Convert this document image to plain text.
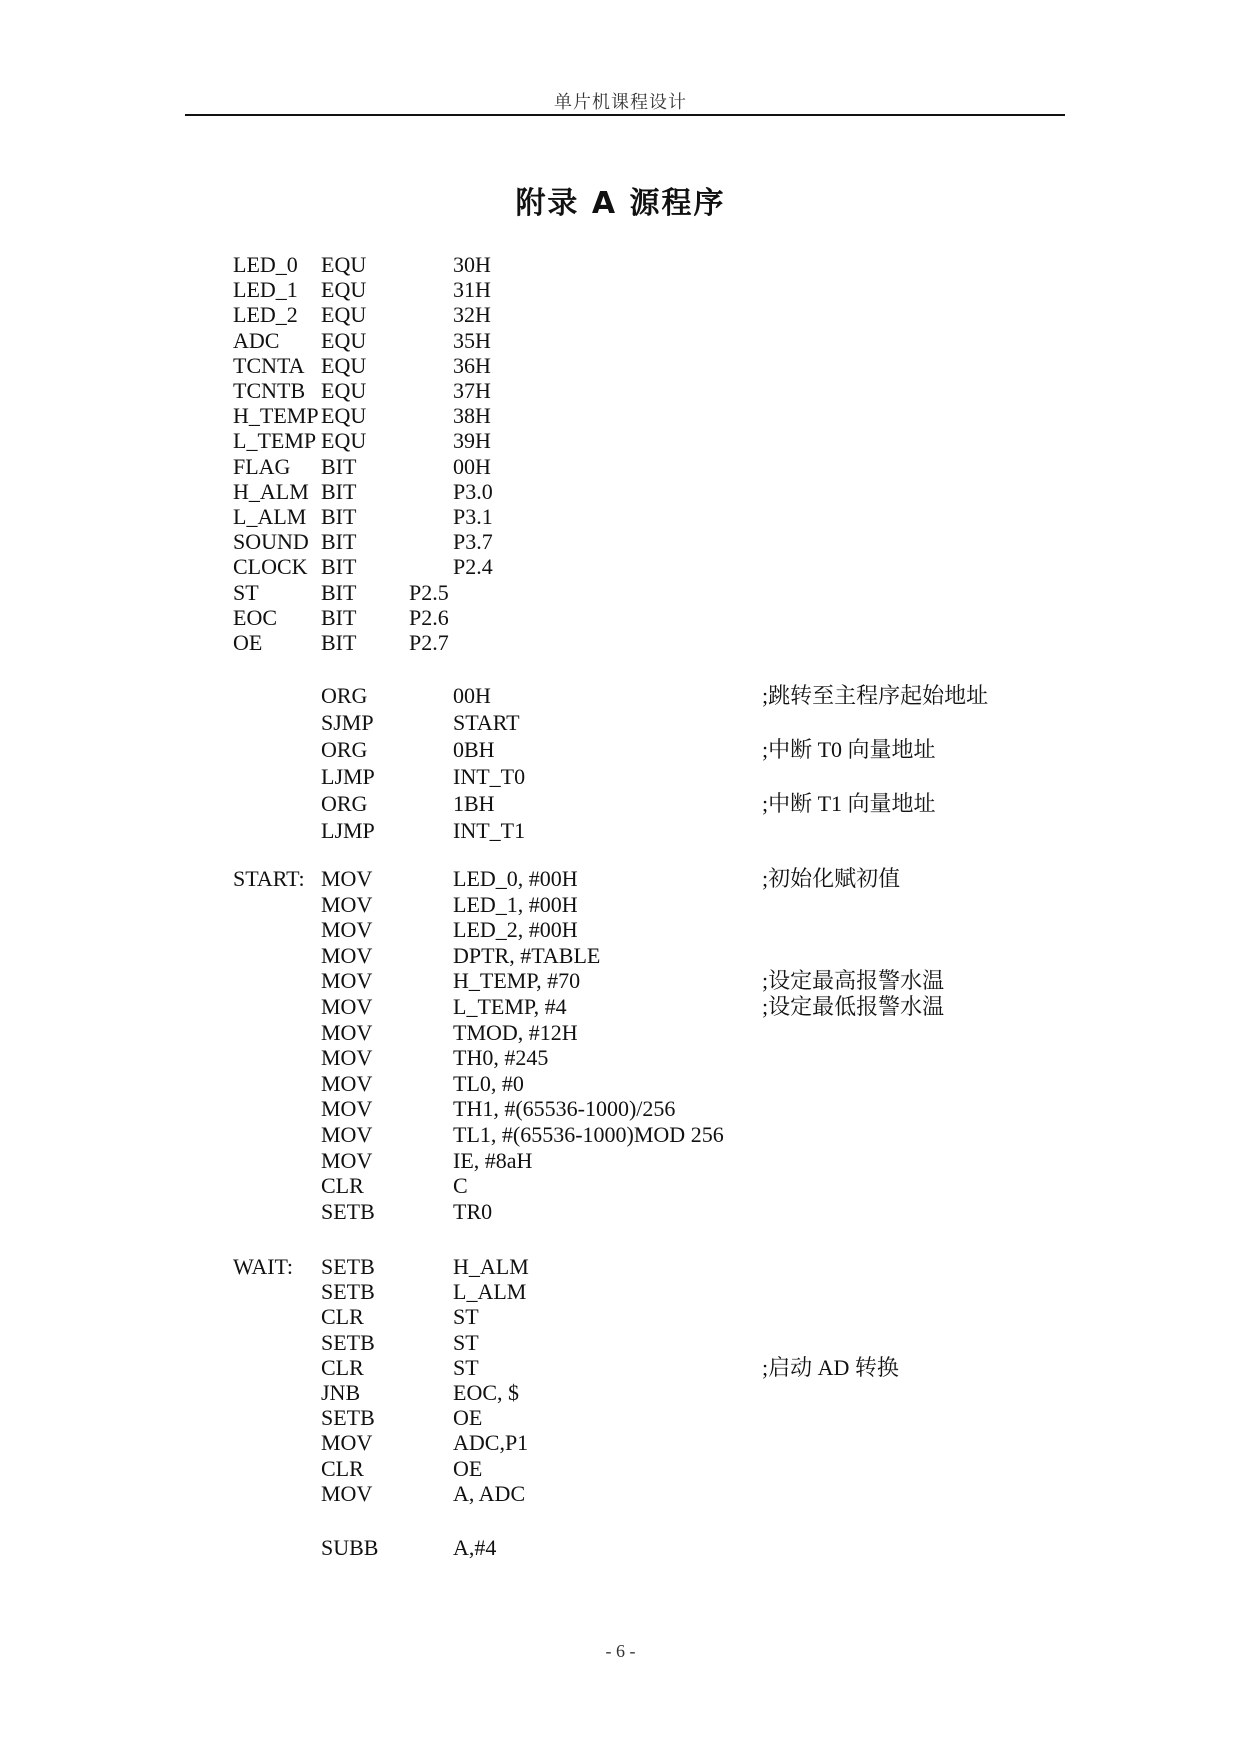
单片机课程设计
附录 A 源程序
LED_0 EQU	30H
LED_1 EQU	31H
LED_2 EQU	32H
ADC EQU	35H
TCNTA EQU	36H
TCNTB EQU	37H
H_TEMP EQU	38H
L_TEMP EQU	39H
FLAG BIT	00H
H_ALM BIT	P3.0
L_ALM BIT	P3.1
SOUND BIT	P3.7
CLOCK BIT	P2.4
ST	BIT P2.5
EOC BIT P2.6
OE	BIT P2.7
ORG	00H	;跳转至主程序起始地址
SJMP	START
ORG	0BH	;中断 T0 向量地址
LJMP	INT_T0
ORG	1BH	;中断 T1 向量地址
LJMP	INT_T1
START: MOV	LED_0, #00H	;初始化赋初值
MOV	LED_1, #00H
MOV	LED_2, #00H
MOV	DPTR, #TABLE
MOV	H_TEMP, #70	;设定最高报警水温
MOV	L_TEMP, #4	;设定最低报警水温
MOV	TMOD, #12H
MOV	TH0, #245
MOV	TL0, #0
MOV	TH1, #(65536-1000)/256
MOV	TL1, #(65536-1000)MOD 256
MOV	IE, #8aH
CLR	C
SETB	TR0
WAIT: SETB	H_ALM
SETB	L_ALM
CLR	ST
SETB	ST
CLR	ST	;启动 AD 转换
JNB	EOC, $
SETB	OE
MOV	ADC,P1
CLR	OE
MOV	A, ADC
SUBB	A,#4
- 6 -
